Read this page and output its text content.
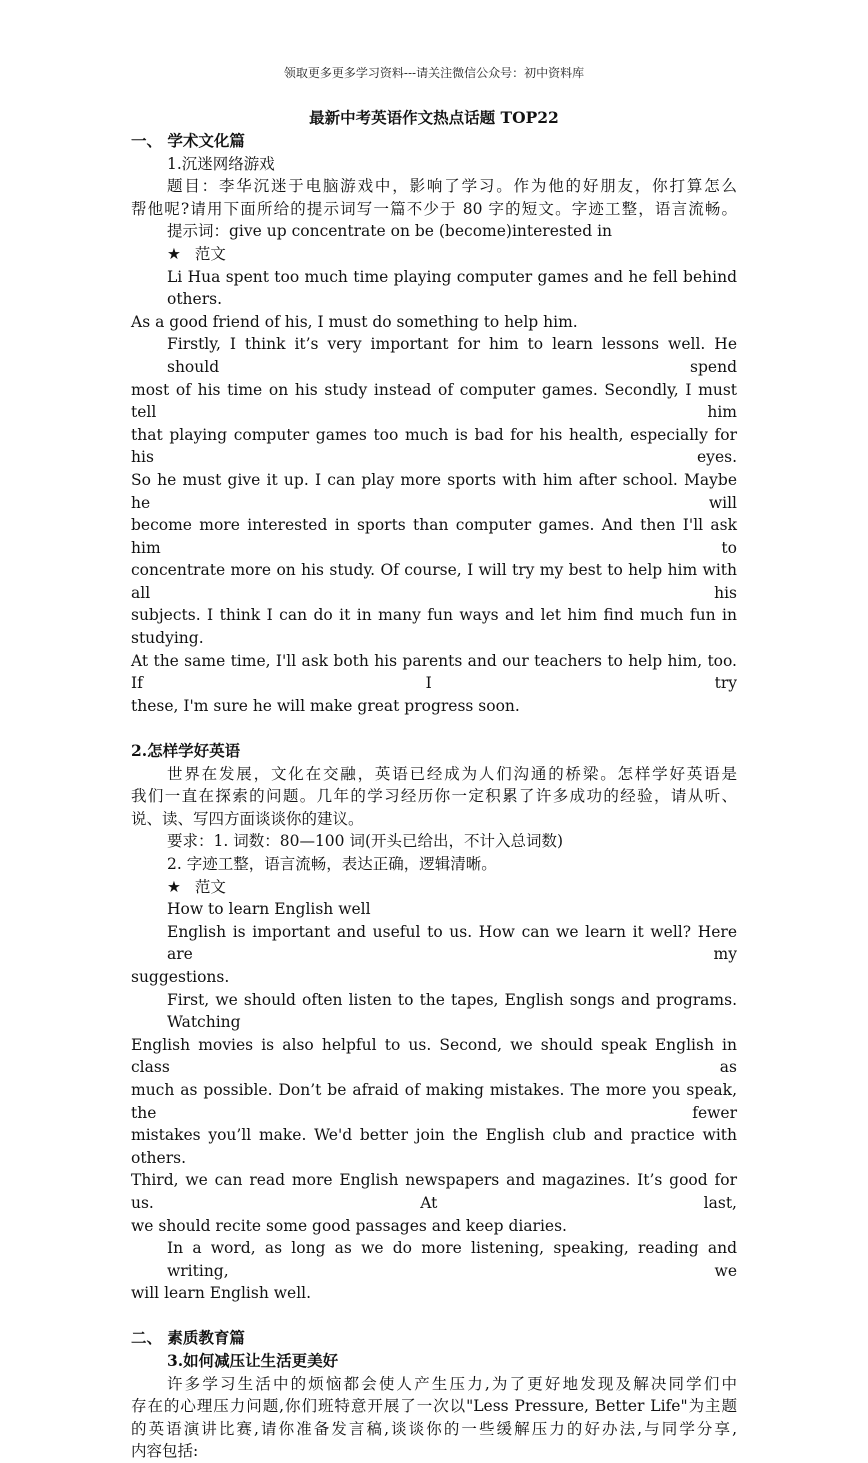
领取更多更多学习资料---请关注微信公众号：初中资料库
最新中考英语作文热点话题 TOP22
一、 学术文化篇
1.沉迷网络游戏
题目：李华沉迷于电脑游戏中，影响了学习。作为他的好朋友，你打算怎么
帮他呢?请用下面所给的提示词写一篇不少于 80 字的短文。字迹工整，语言流畅。
提示词：give up concentrate on be (become)interested in
★ 范文
Li Hua spent too much time playing computer games and he fell behind others.
As a good friend of his, I must do something to help him.
Firstly, I think it’s very important for him to learn lessons well. He should spend
most of his time on his study instead of computer games. Secondly, I must tell him
that playing computer games too much is bad for his health, especially for his eyes.
So he must give it up. I can play more sports with him after school. Maybe he will
become more interested in sports than computer games. And then I'll ask him to
concentrate more on his study. Of course, I will try my best to help him with all his
subjects. I think I can do it in many fun ways and let him find much fun in studying.
At the same time, I'll ask both his parents and our teachers to help him, too. If I try
these, I'm sure he will make great progress soon.
2.怎样学好英语
世界在发展，文化在交融，英语已经成为人们沟通的桥梁。怎样学好英语是
我们一直在探索的问题。几年的学习经历你一定积累了许多成功的经验，请从听、
说、读、写四方面谈谈你的建议。
要求：1. 词数：80—100 词(开头已给出，不计入总词数)
2. 字迹工整，语言流畅，表达正确，逻辑清晰。
★ 范文
How to learn English well
English is important and useful to us. How can we learn it well? Here are my
suggestions.
First, we should often listen to the tapes, English songs and programs. Watching
English movies is also helpful to us. Second, we should speak English in class as
much as possible. Don’t be afraid of making mistakes. The more you speak, the fewer
mistakes you’ll make. We'd better join the English club and practice with others.
Third, we can read more English newspapers and magazines. It’s good for us. At last,
we should recite some good passages and keep diaries.
In a word, as long as we do more listening, speaking, reading and writing, we
will learn English well.
二、 素质教育篇
3.如何减压让生活更美好
许多学习生活中的烦恼都会使人产生压力,为了更好地发现及解决同学们中
存在的心理压力问题,你们班特意开展了一次以"Less Pressure, Better Life"为主题
的英语演讲比赛,请你准备发言稿,谈谈你的一些缓解压力的好办法,与同学分享,
内容包括:
